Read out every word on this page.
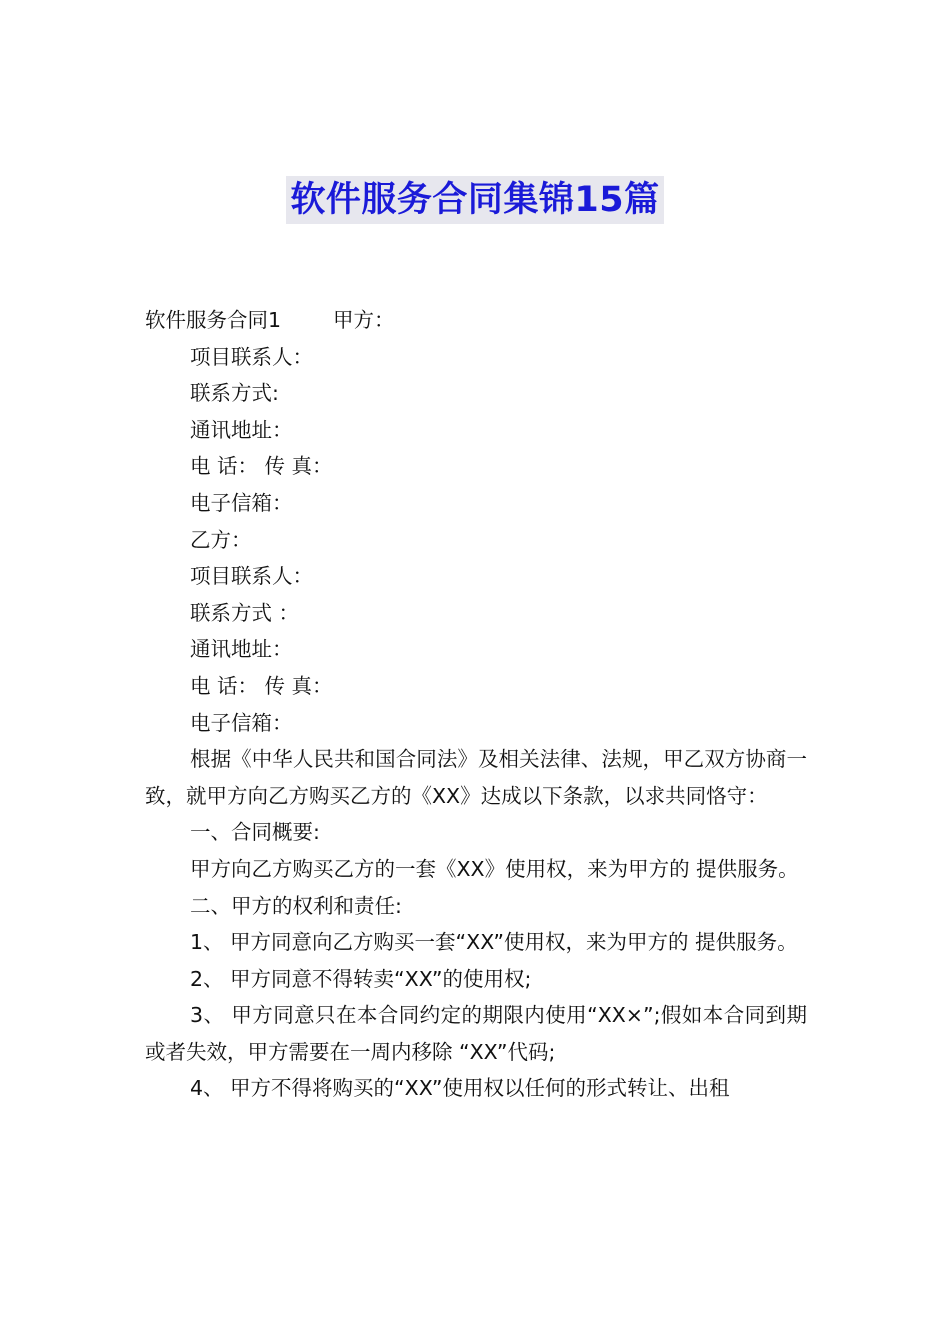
软件服务合同集锦15篇
软件服务合同1	甲方：
项目联系人：
联系方式:
通讯地址：
电 话： 传 真：
电子信箱：
乙方：
项目联系人：
联系方式 ：
通讯地址：
电 话： 传 真：
电子信箱：
根据《中华人民共和国合同法》及相关法律、法规，甲乙双方协商一致，就甲方向乙方购买乙方的《XX》达成以下条款，以求共同恪守：
一、合同概要:
甲方向乙方购买乙方的一套《XX》使用权，来为甲方的 提供服务。
二、甲方的权利和责任:
1、 甲方同意向乙方购买一套“XX”使用权，来为甲方的 提供服务。
2、 甲方同意不得转卖“XX”的使用权;
3、 甲方同意只在本合同约定的期限内使用“XX×”;假如本合同到期或者失效，甲方需要在一周内移除 “XX”代码;
4、 甲方不得将购买的“XX”使用权以任何的形式转让、出租
